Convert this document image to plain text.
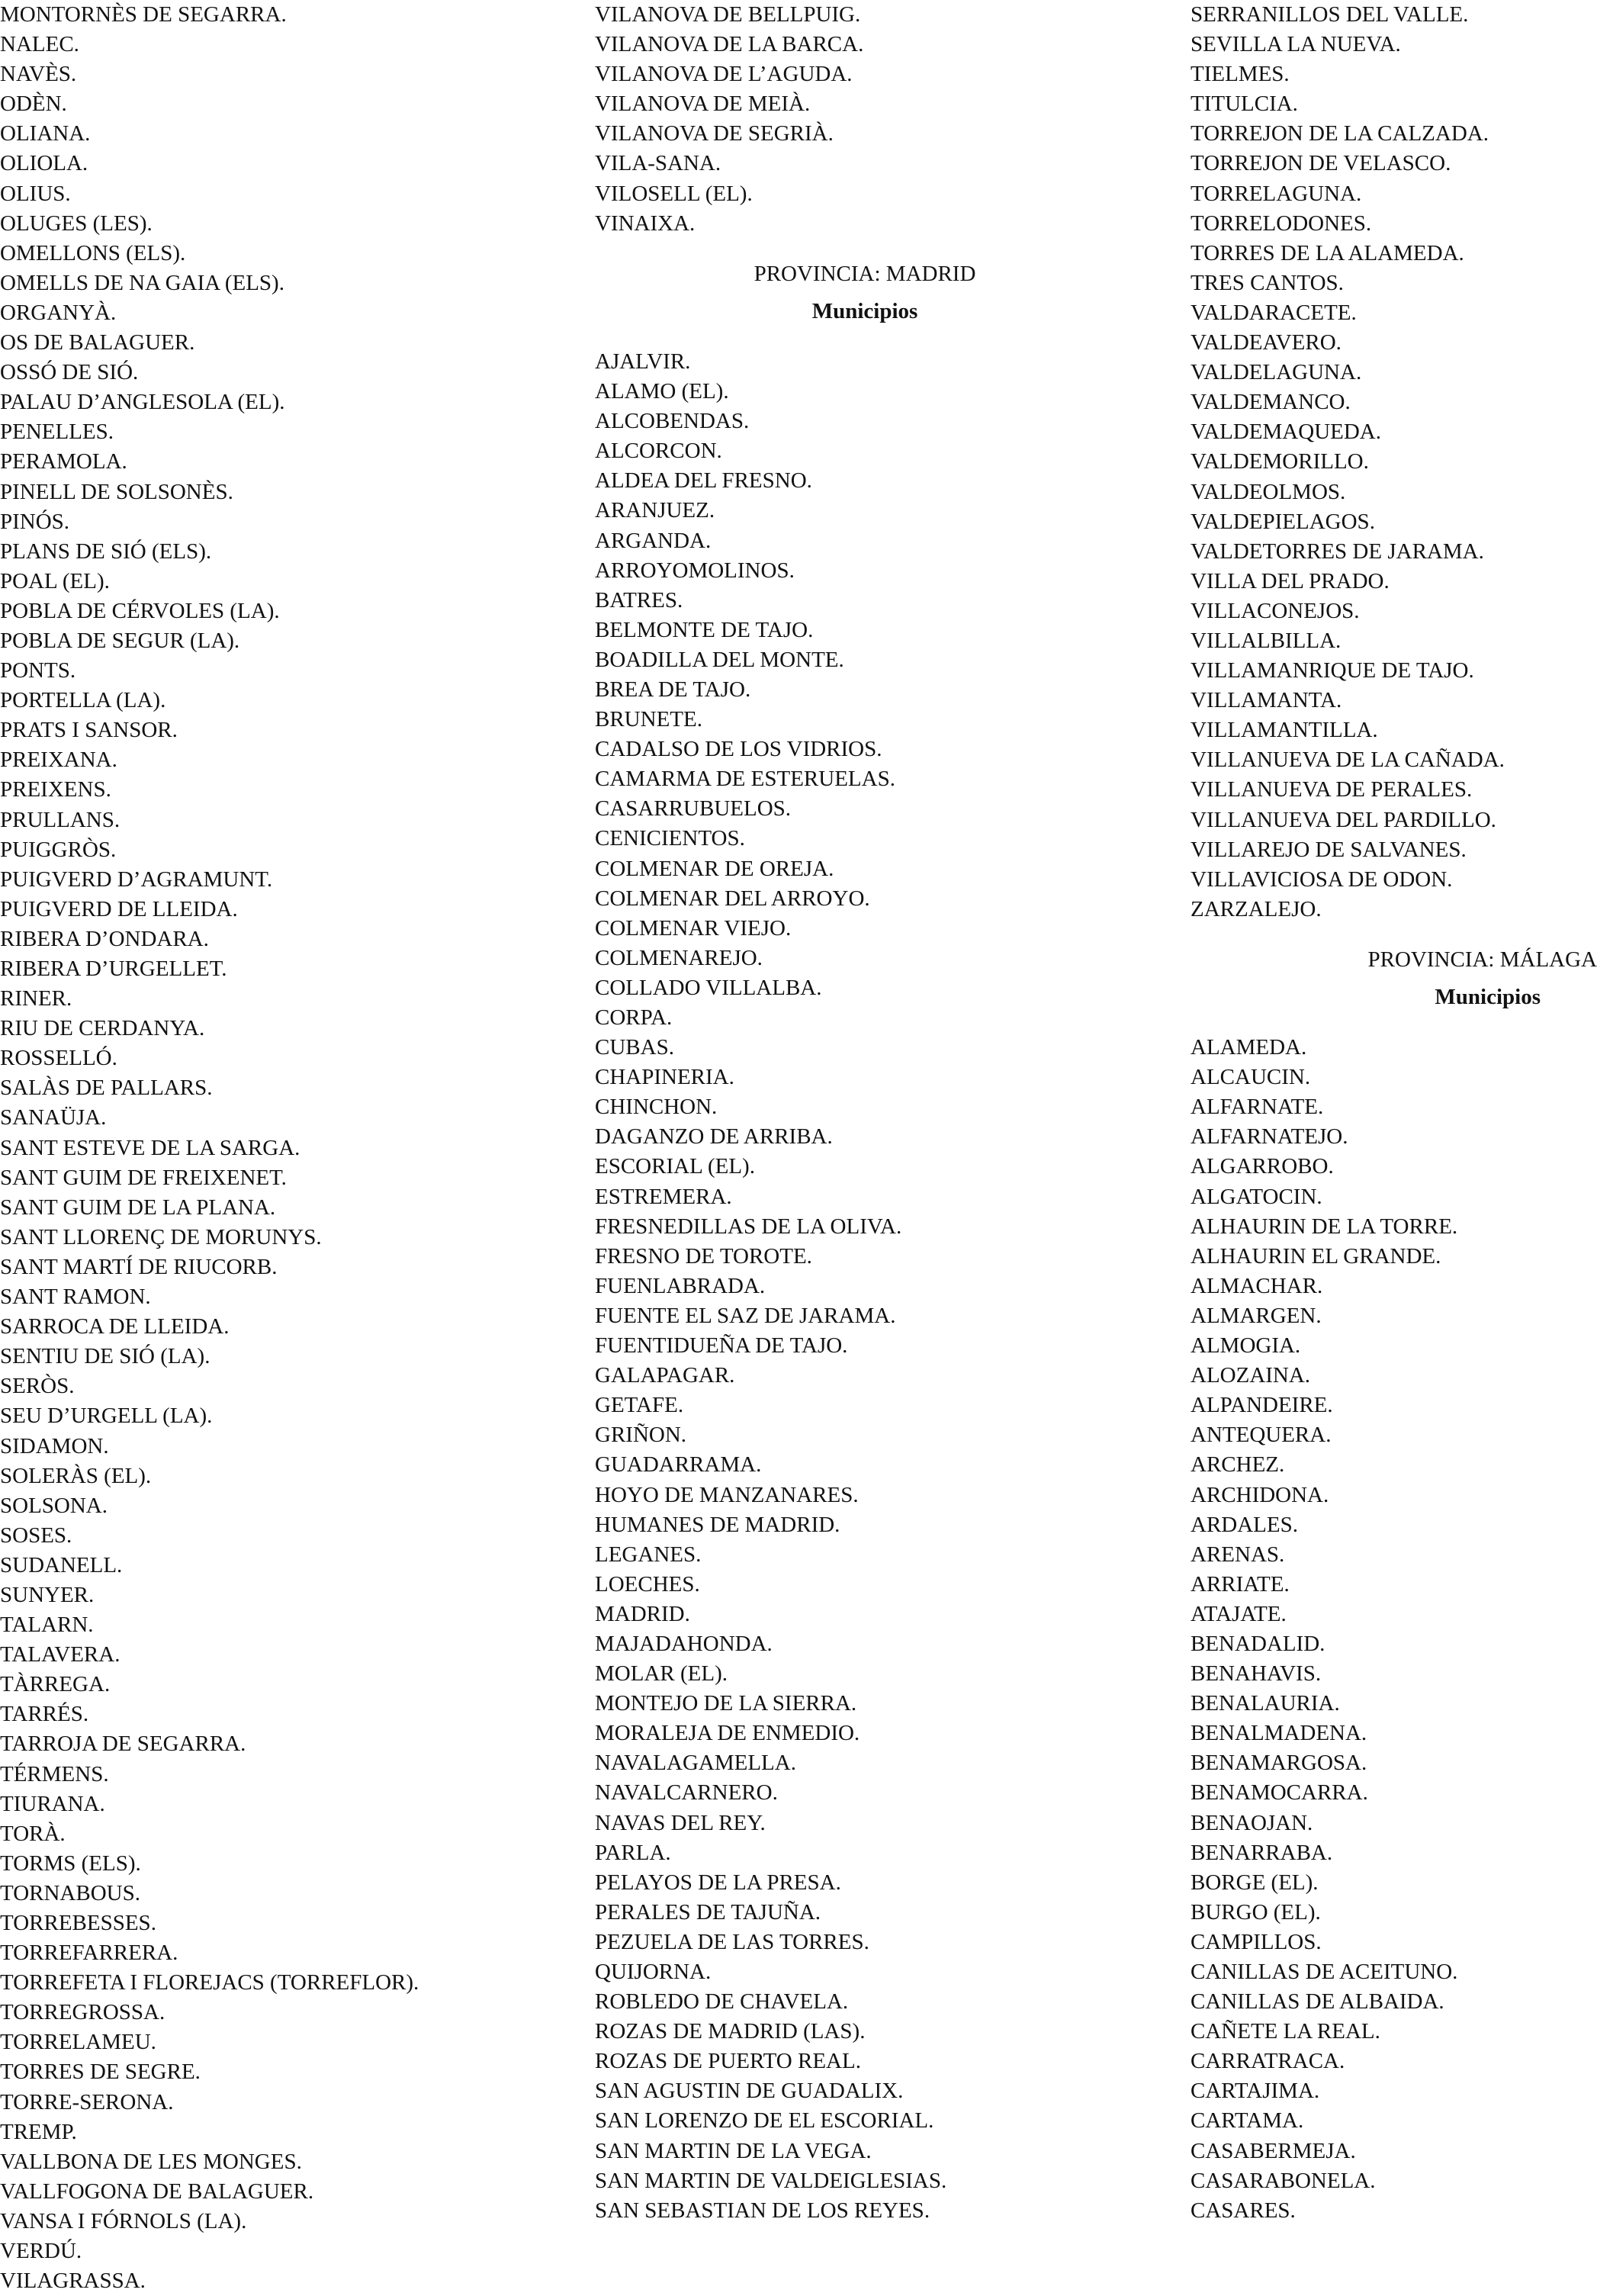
MONTORNÈS DE SEGARRA.
NALEC.
NAVÈS.
ODÈN.
OLIANA.
OLIOLA.
OLIUS.
OLUGES (LES).
OMELLONS (ELS).
OMELLS DE NA GAIA (ELS).
ORGANYÀ.
OS DE BALAGUER.
OSSÓ DE SIÓ.
PALAU D’ANGLESOLA (EL).
PENELLES.
PERAMOLA.
PINELL DE SOLSONÈS.
PINÓS.
PLANS DE SIÓ (ELS).
POAL (EL).
POBLA DE CÉRVOLES (LA).
POBLA DE SEGUR (LA).
PONTS.
PORTELLA (LA).
PRATS I SANSOR.
PREIXANA.
PREIXENS.
PRULLANS.
PUIGGRÒS.
PUIGVERD D’AGRAMUNT.
PUIGVERD DE LLEIDA.
RIBERA D’ONDARA.
RIBERA D’URGELLET.
RINER.
RIU DE CERDANYA.
ROSSELLÓ.
SALÀS DE PALLARS.
SANAÜJA.
SANT ESTEVE DE LA SARGA.
SANT GUIM DE FREIXENET.
SANT GUIM DE LA PLANA.
SANT LLORENÇ DE MORUNYS.
SANT MARTÍ DE RIUCORB.
SANT RAMON.
SARROCA DE LLEIDA.
SENTIU DE SIÓ (LA).
SERÒS.
SEU D’URGELL (LA).
SIDAMON.
SOLERÀS (EL).
SOLSONA.
SOSES.
SUDANELL.
SUNYER.
TALARN.
TALAVERA.
TÀRREGA.
TARRÉS.
TARROJA DE SEGARRA.
TÉRMENS.
TIURANA.
TORÀ.
TORMS (ELS).
TORNABOUS.
TORREBESSES.
TORREFARRERA.
TORREFETA I FLOREJACS (TORREFLOR).
TORREGROSSA.
TORRELAMEU.
TORRES DE SEGRE.
TORRE-SERONA.
TREMP.
VALLBONA DE LES MONGES.
VALLFOGONA DE BALAGUER.
VANSA I FÓRNOLS (LA).
VERDÚ.
VILAGRASSA.
VILANOVA DE BELLPUIG.
VILANOVA DE LA BARCA.
VILANOVA DE L’AGUDA.
VILANOVA DE MEIÀ.
VILANOVA DE SEGRIÀ.
VILA-SANA.
VILOSELL (EL).
VINAIXA.
PROVINCIA: MADRID
Municipios
AJALVIR.
ALAMO (EL).
ALCOBENDAS.
ALCORCON.
ALDEA DEL FRESNO.
ARANJUEZ.
ARGANDA.
ARROYOMOLINOS.
BATRES.
BELMONTE DE TAJO.
BOADILLA DEL MONTE.
BREA DE TAJO.
BRUNETE.
CADALSO DE LOS VIDRIOS.
CAMARMA DE ESTERUELAS.
CASARRUBUELOS.
CENICIENTOS.
COLMENAR DE OREJA.
COLMENAR DEL ARROYO.
COLMENAR VIEJO.
COLMENAREJO.
COLLADO VILLALBA.
CORPA.
CUBAS.
CHAPINERIA.
CHINCHON.
DAGANZO DE ARRIBA.
ESCORIAL (EL).
ESTREMERA.
FRESNEDILLAS DE LA OLIVA.
FRESNO DE TOROTE.
FUENLABRADA.
FUENTE EL SAZ DE JARAMA.
FUENTIDUEÑA DE TAJO.
GALAPAGAR.
GETAFE.
GRIÑON.
GUADARRAMA.
HOYO DE MANZANARES.
HUMANES DE MADRID.
LEGANES.
LOECHES.
MADRID.
MAJADAHONDA.
MOLAR (EL).
MONTEJO DE LA SIERRA.
MORALEJA DE ENMEDIO.
NAVALAGAMELLA.
NAVALCARNERO.
NAVAS DEL REY.
PARLA.
PELAYOS DE LA PRESA.
PERALES DE TAJUÑA.
PEZUELA DE LAS TORRES.
QUIJORNA.
ROBLEDO DE CHAVELA.
ROZAS DE MADRID (LAS).
ROZAS DE PUERTO REAL.
SAN AGUSTIN DE GUADALIX.
SAN LORENZO DE EL ESCORIAL.
SAN MARTIN DE LA VEGA.
SAN MARTIN DE VALDEIGLESIAS.
SAN SEBASTIAN DE LOS REYES.
SERRANILLOS DEL VALLE.
SEVILLA LA NUEVA.
TIELMES.
TITULCIA.
TORREJON DE LA CALZADA.
TORREJON DE VELASCO.
TORRELAGUNA.
TORRELODONES.
TORRES DE LA ALAMEDA.
TRES CANTOS.
VALDARACETE.
VALDEAVERO.
VALDELAGUNA.
VALDEMANCO.
VALDEMAQUEDA.
VALDEMORILLO.
VALDEOLMOS.
VALDEPIELAGOS.
VALDETORRES DE JARAMA.
VILLA DEL PRADO.
VILLACONEJOS.
VILLALBILLA.
VILLAMANRIQUE DE TAJO.
VILLAMANTA.
VILLAMANTILLA.
VILLANUEVA DE LA CAÑADA.
VILLANUEVA DE PERALES.
VILLANUEVA DEL PARDILLO.
VILLAREJO DE SALVANES.
VILLAVICIOSA DE ODON.
ZARZALEJO.
PROVINCIA: MÁLAGA
Municipios
ALAMEDA.
ALCAUCIN.
ALFARNATE.
ALFARNATEJO.
ALGARROBO.
ALGATOCIN.
ALHAURIN DE LA TORRE.
ALHAURIN EL GRANDE.
ALMACHAR.
ALMARGEN.
ALMOGIA.
ALOZAINA.
ALPANDEIRE.
ANTEQUERA.
ARCHEZ.
ARCHIDONA.
ARDALES.
ARENAS.
ARRIATE.
ATAJATE.
BENADALID.
BENAHAVIS.
BENALAURIA.
BENALMADENA.
BENAMARGOSA.
BENAMOCARRA.
BENAOJAN.
BENARRABA.
BORGE (EL).
BURGO (EL).
CAMPILLOS.
CANILLAS DE ACEITUNO.
CANILLAS DE ALBAIDA.
CAÑETE LA REAL.
CARRATRACA.
CARTAJIMA.
CARTAMA.
CASABERMEJA.
CASARABONELA.
CASARES.
